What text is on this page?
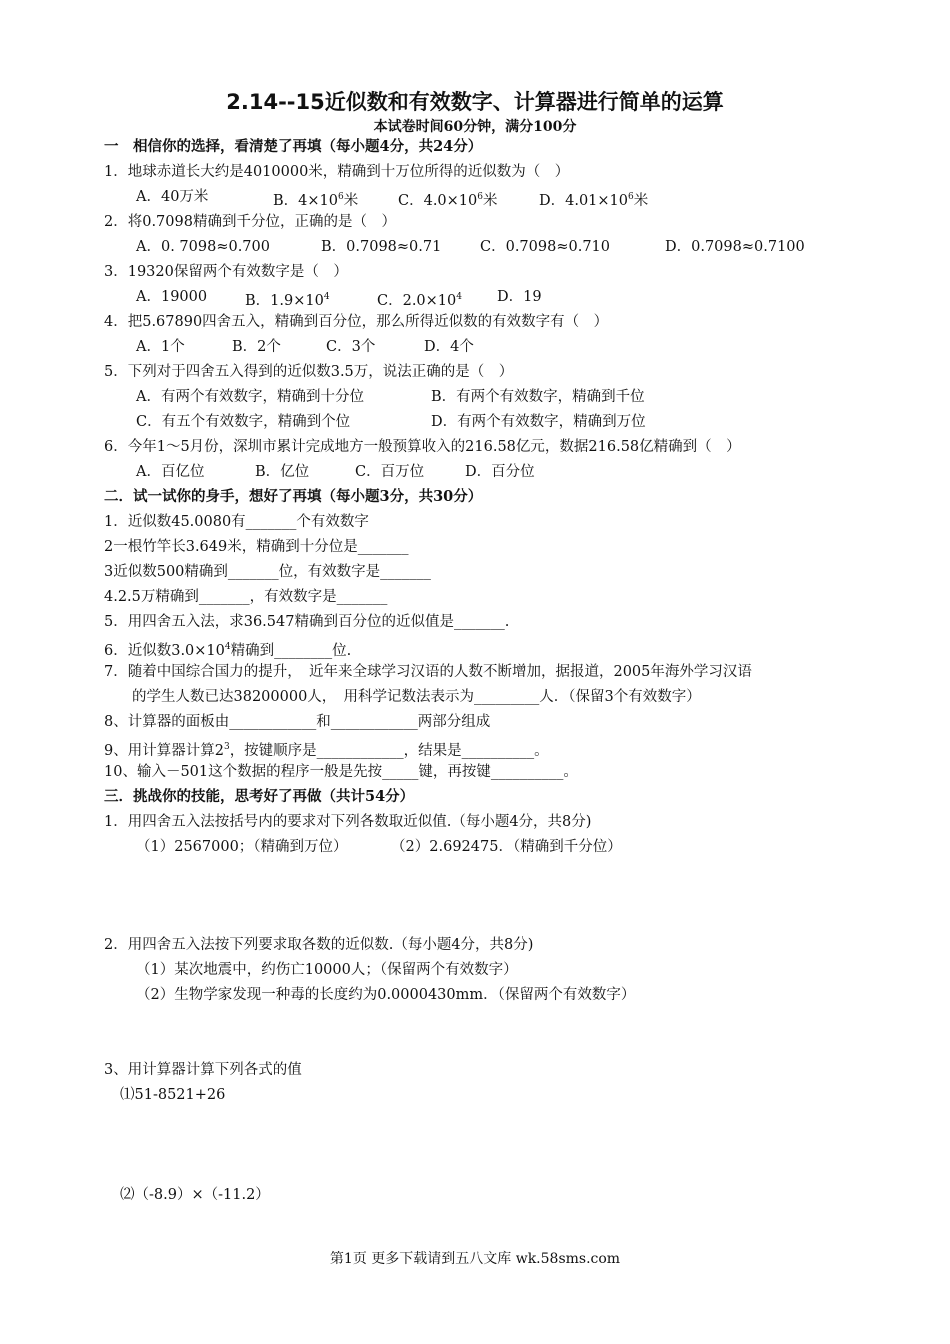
2.14--15近似数和有效数字、计算器进行简单的运算
本试卷时间60分钟，满分100分
一　相信你的选择，看清楚了再填（每小题4分，共24分）
1．地球赤道长大约是4010000米，精确到十万位所得的近似数为（　）
A．40万米	B．$4\times 10^6$米	C．$4.0\times 10^6$米	D．$4.01\times 10^6$米
2．将0.7098精确到千分位，正确的是（　）
A．0. 7098≈0.700	B．0.7098≈0.71	C．0.7098≈0.710	D．0.7098≈0.7100
3．19320保留两个有效数字是（　）
A．19000	B．$1.9\times 10^4$	C．$2.0\times 10^4$ D．19
4．把5.67890四舍五入，精确到百分位，那么所得近似数的有效数字有（　）
A．1个	B．2个	C．3个	D．4个
5．下列对于四舍五入得到的近似数3.5万，说法正确的是（　）
A．有两个有效数字，精确到十分位	B．有两个有效数字，精确到千位
C．有五个有效数字，精确到个位	D．有两个有效数字，精确到万位
6．今年1～5月份，深圳市累计完成地方一般预算收入的216.58亿元，数据216.58亿精确到（　）
A．百亿位	B．亿位	C．百万位	D．百分位
二．试一试你的身手，想好了再填（每小题3分，共30分）
1．近似数45.0080有_______个有效数字
2一根竹竿长3.649米，精确到十分位是_______
3近似数500精确到_______位，有效数字是_______
4.2.5万精确到_______，有效数字是_______
5．用四舍五入法，求36.547精确到百分位的近似值是_______.
6．近似数$3.0\times 10^4$精确到________位.
7．随着中国综合国力的提升，　近年来全球学习汉语的人数不断增加，据报道，2005年海外学习汉语
的学生人数已达38200000人，　用科学记数法表示为_________人．（保留3个有效数字）
8、计算器的面板由____________和____________两部分组成
9、用计算器计算$2^3$，按键顺序是____________，结果是__________。
10、输入－501这个数据的程序一般是先按_____键，再按键__________。
三．挑战你的技能，思考好了再做（共计54分）
1．用四舍五入法按括号内的要求对下列各数取近似值.（每小题4分，共8分)
（1）2567000；（精确到万位）　　　　（2）2.692475．（精确到千分位）
2．用四舍五入法按下列要求取各数的近似数.（每小题4分，共8分)
（1）某次地震中，约伤亡10000人；（保留两个有效数字）
（2）生物学家发现一种毒的长度约为0.0000430mm．（保留两个有效数字）
3、用计算器计算下列各式的值
⑴51-8521+26
⑵（-8.9）×（-11.2）
第1页 更多下载请到五八文库 wk.58sms.com
